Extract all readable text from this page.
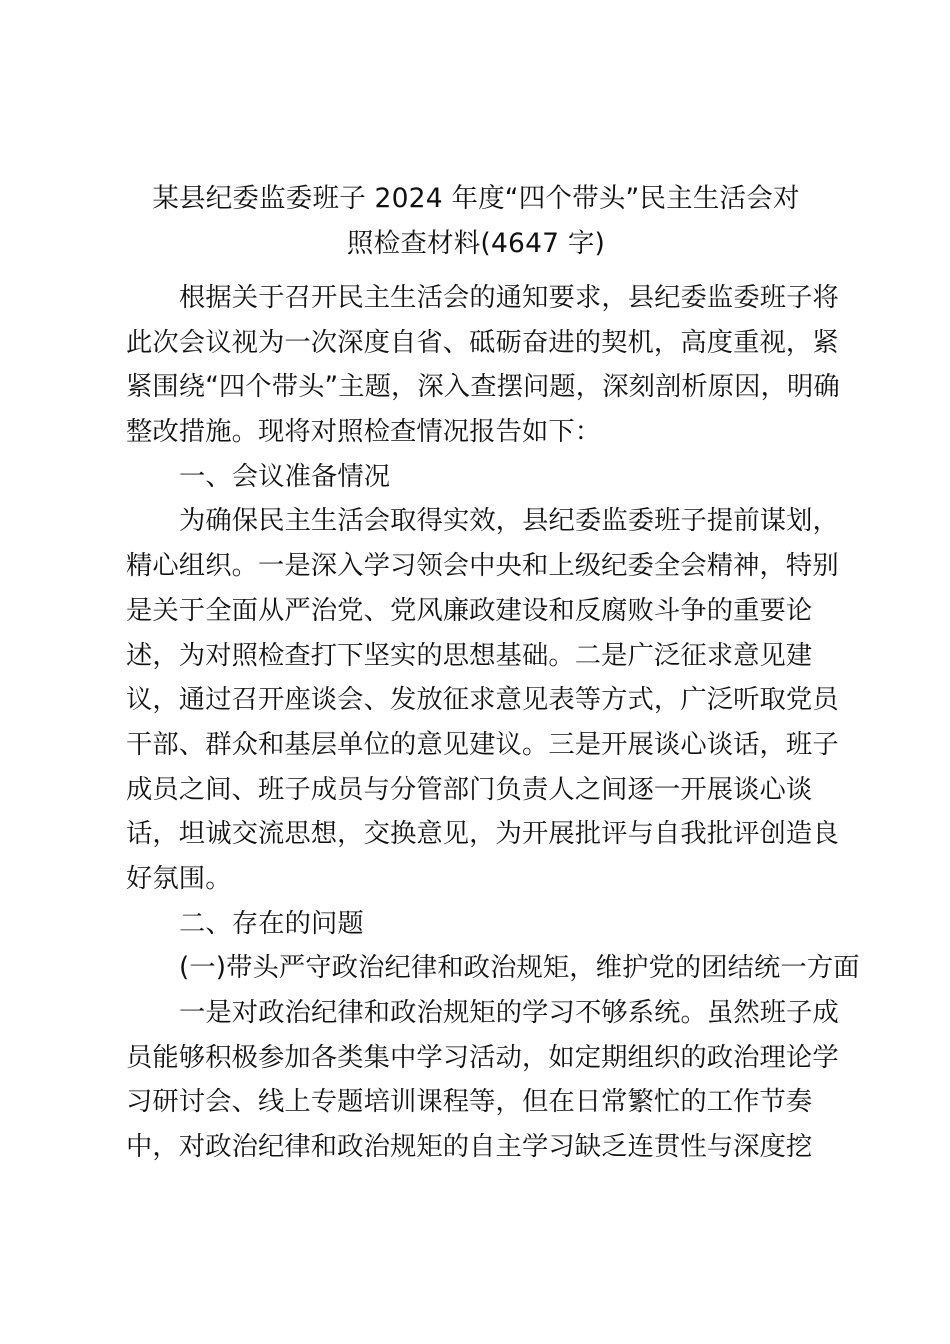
某县纪委监委班子 2024 年度“四个带头”民主生活会对
照检查材料(4647 字)
根据关于召开民主生活会的通知要求，县纪委监委班子将
此次会议视为一次深度自省、砥砺奋进的契机，高度重视，紧
紧围绕“四个带头”主题，深入查摆问题，深刻剖析原因，明确
整改措施。现将对照检查情况报告如下：
一、会议准备情况
为确保民主生活会取得实效，县纪委监委班子提前谋划，
精心组织。一是深入学习领会中央和上级纪委全会精神，特别
是关于全面从严治党、党风廉政建设和反腐败斗争的重要论
述，为对照检查打下坚实的思想基础。二是广泛征求意见建
议，通过召开座谈会、发放征求意见表等方式，广泛听取党员
干部、群众和基层单位的意见建议。三是开展谈心谈话，班子
成员之间、班子成员与分管部门负责人之间逐一开展谈心谈
话，坦诚交流思想，交换意见，为开展批评与自我批评创造良
好氛围。
二、存在的问题
(一)带头严守政治纪律和政治规矩，维护党的团结统一方面
一是对政治纪律和政治规矩的学习不够系统。虽然班子成
员能够积极参加各类集中学习活动，如定期组织的政治理论学
习研讨会、线上专题培训课程等，但在日常繁忙的工作节奏
中，对政治纪律和政治规矩的自主学习缺乏连贯性与深度挖
